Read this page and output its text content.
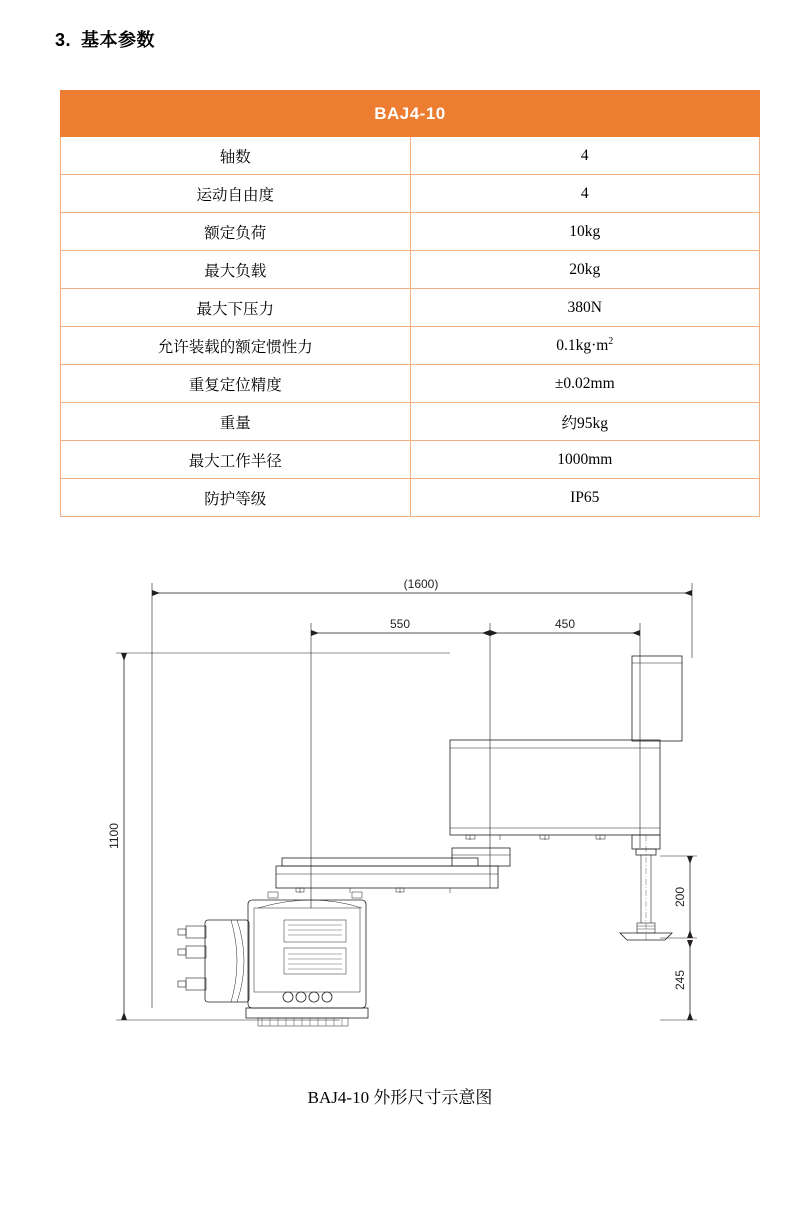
3. 基本参数
BAJ4-10	
轴数	4
运动自由度	4
额定负荷	10kg
最大负载	20kg
最大下压力	380N
允许装载的额定惯性力	$0.1kg\cdot m^2$
重复定位精度	±0.02mm
重量	约95kg
最大工作半径	1000mm
防护等级	IP65
(1600)
550	450
1100
200
245
BAJ4-10 外形尺寸示意图
